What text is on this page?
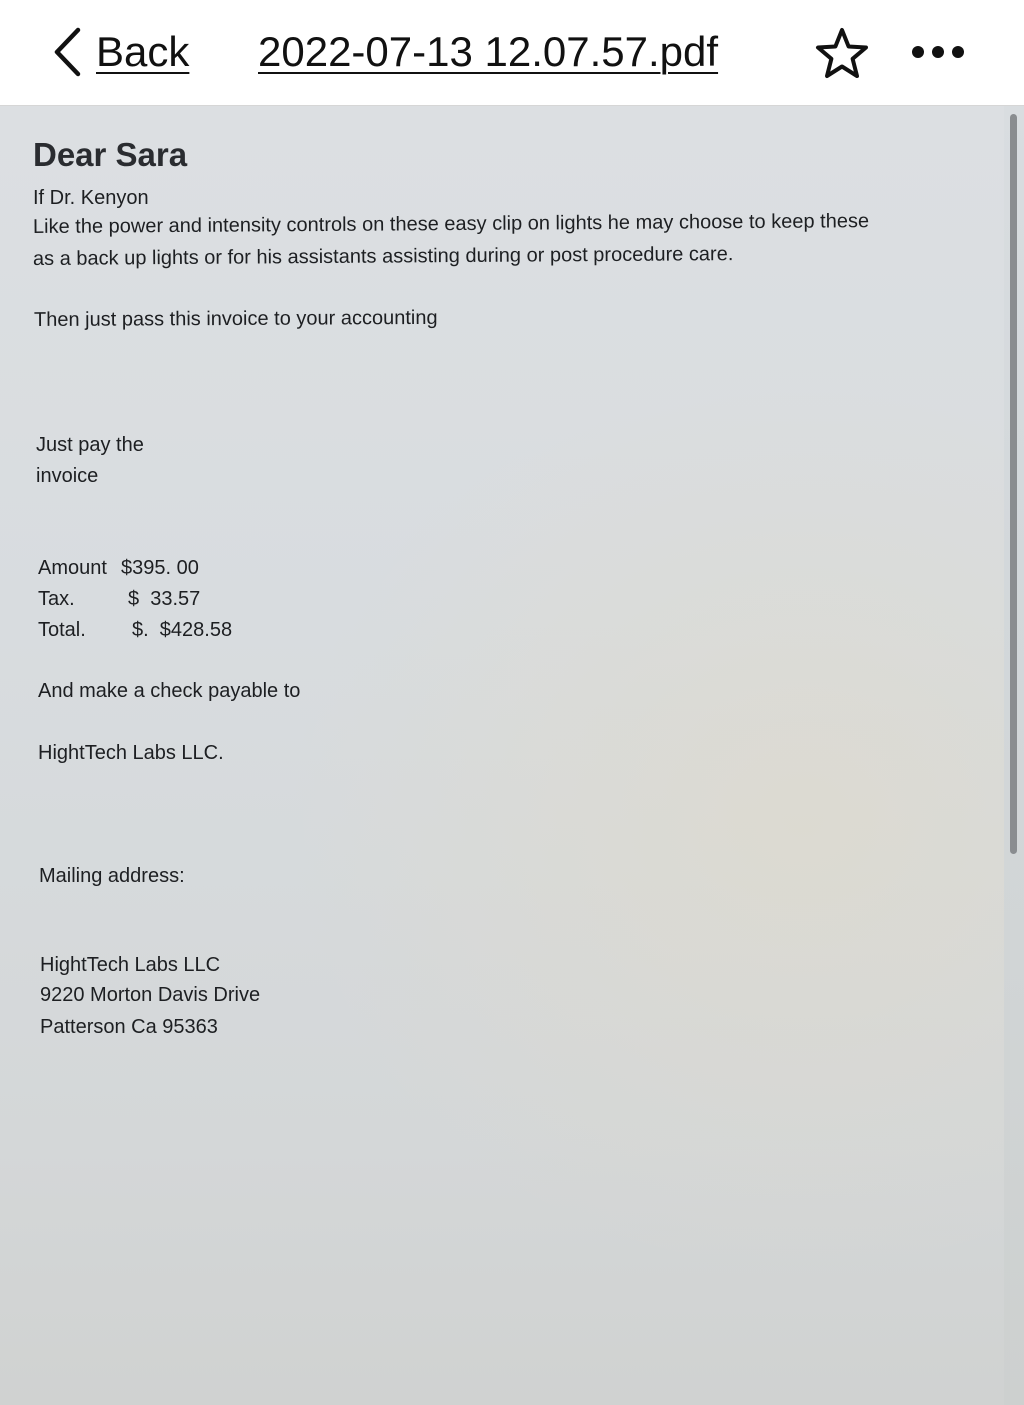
Back 2022-07-13 12.07.57.pdf
Dear Sara
If Dr. Kenyon
Like the power and intensity controls on these easy clip on lights he may choose to keep these
as a back up lights or for his assistants assisting during or post procedure care.
Then just pass this invoice to your accounting
Just pay the
invoice
Amount $395. 00
Tax.	$  33.57
Total. $.  $428.58
And make a check payable to
HightTech Labs LLC.
Mailing address:
HightTech Labs LLC
9220 Morton Davis Drive
Patterson Ca 95363
